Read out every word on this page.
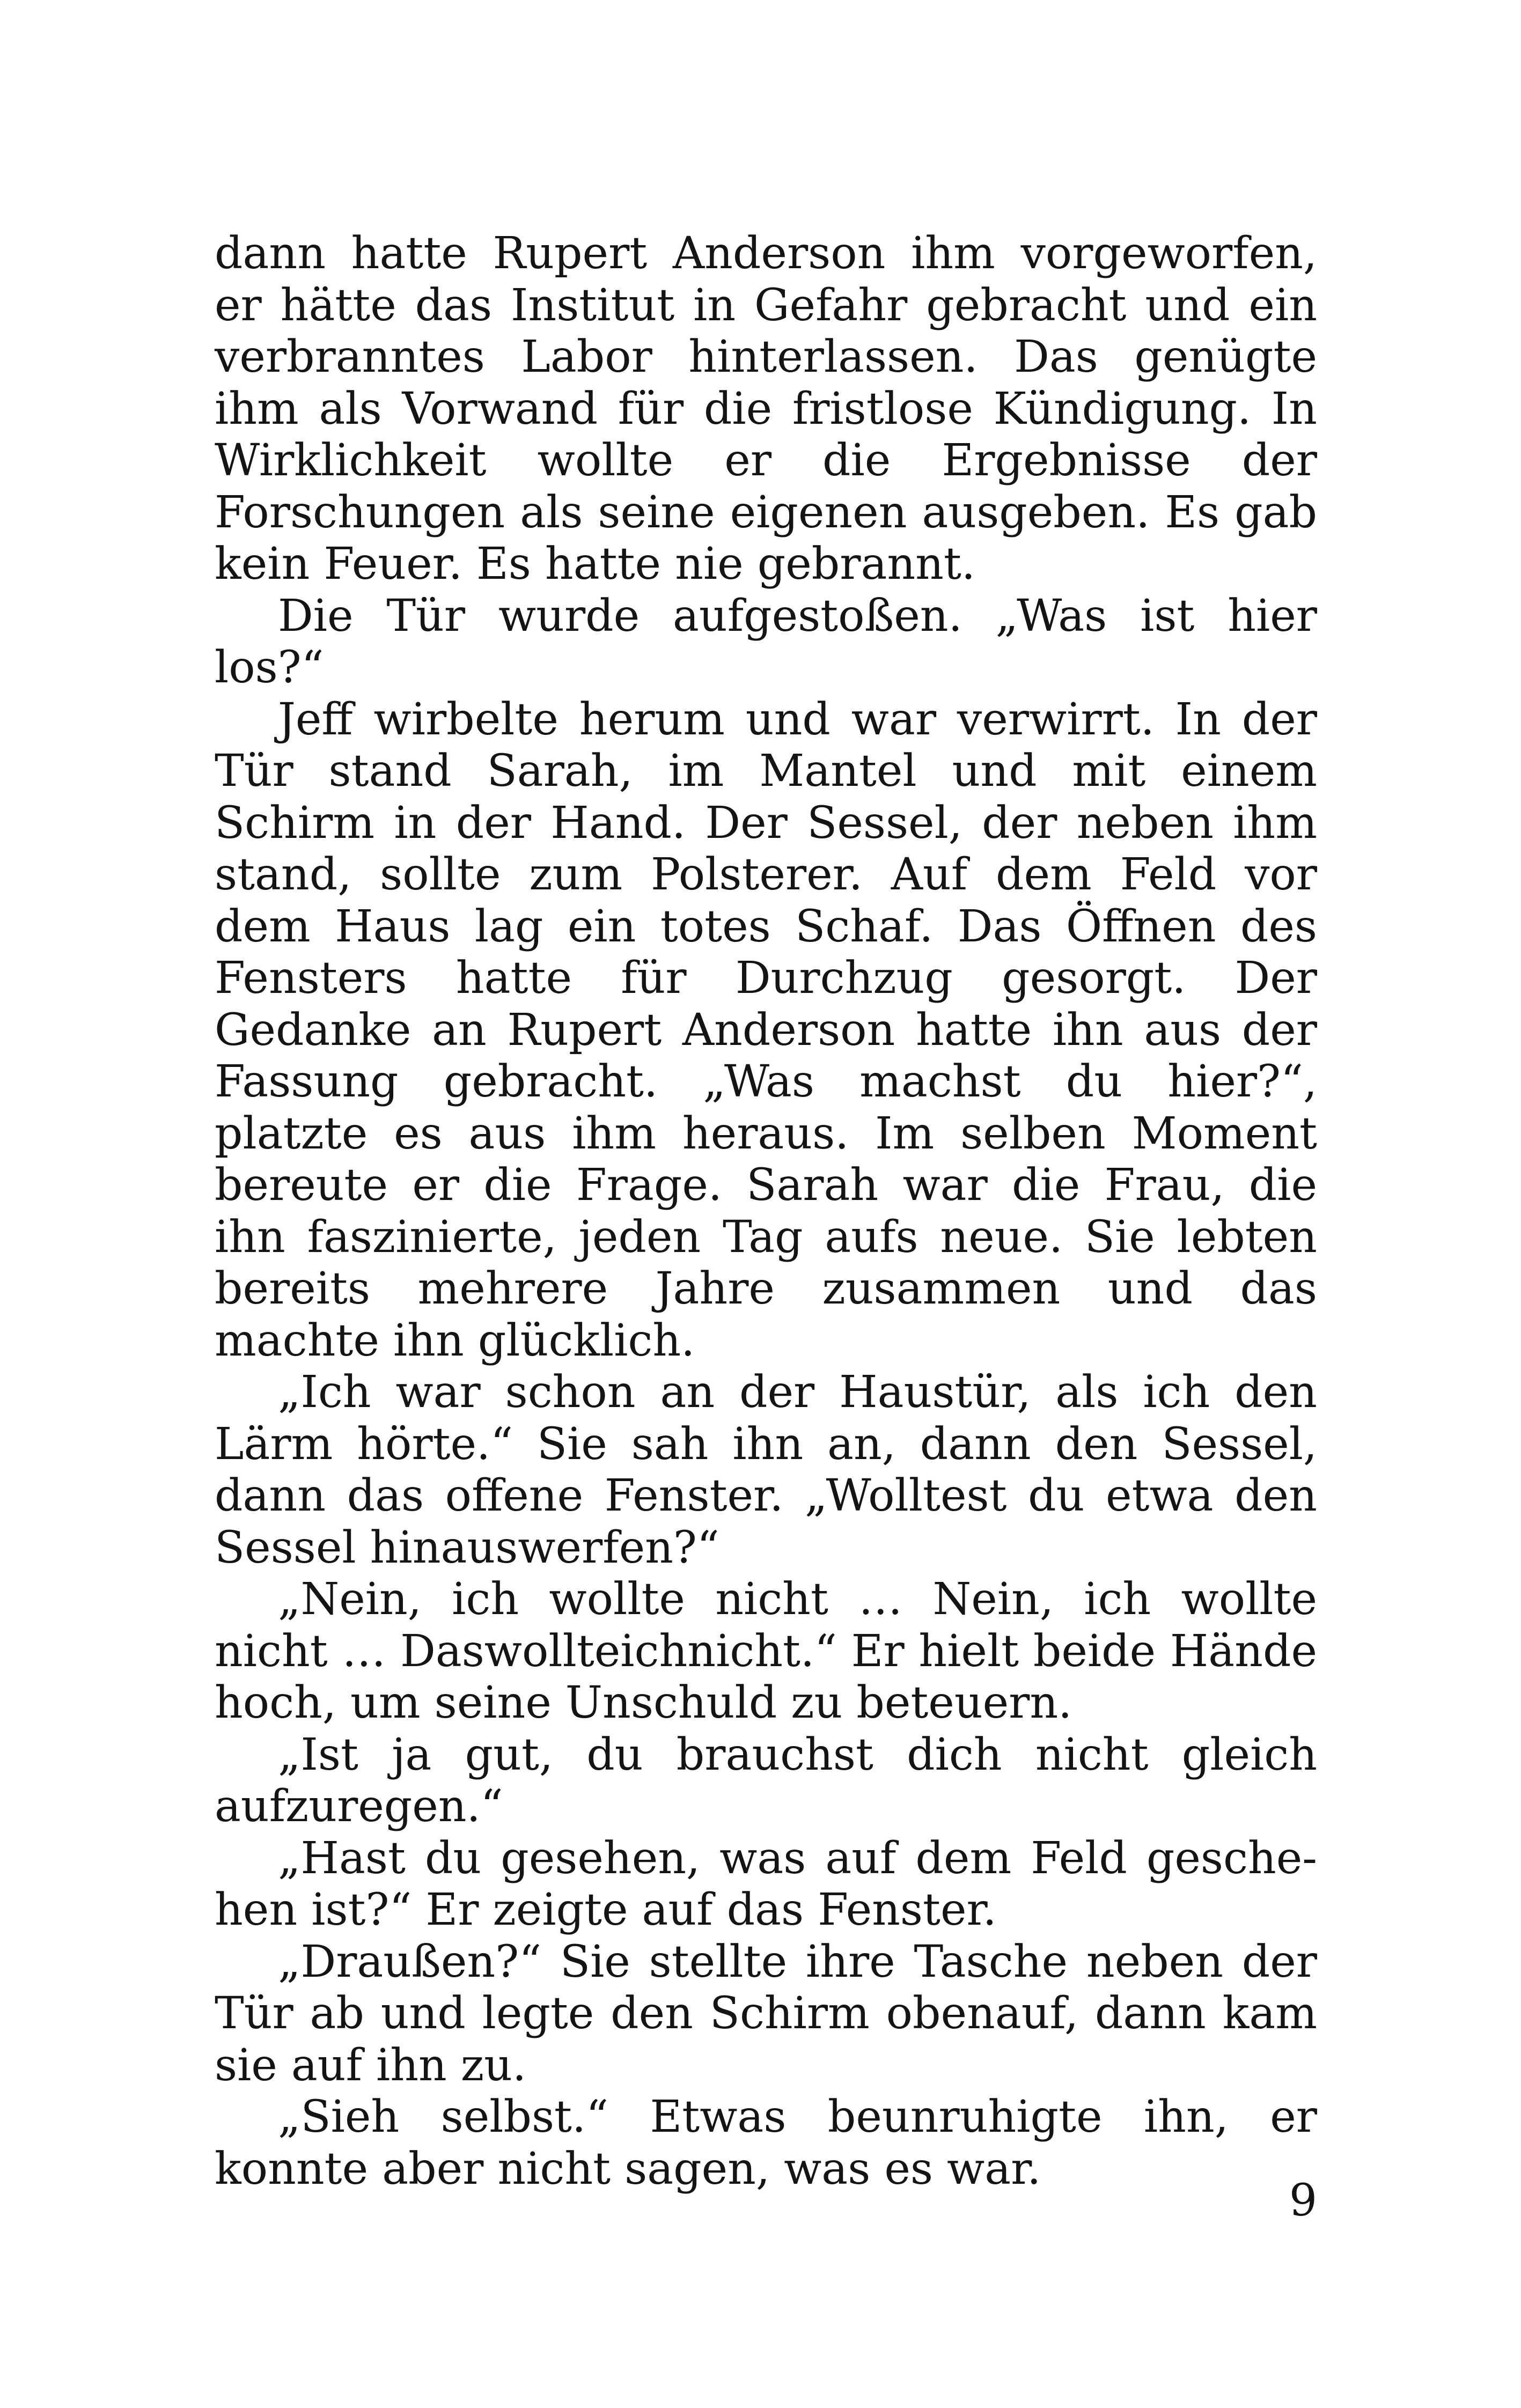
dann hatte Rupert Anderson ihm vorgeworfen, er hätte das Institut in Gefahr gebracht und ein verbranntes Labor hinterlassen. Das genügte ihm als Vorwand für die fristlose Kündigung. In Wirklichkeit wollte er die Ergebnisse der Forschungen als seine eigenen ausgeben. Es gab kein Feuer. Es hatte nie gebrannt.

Die Tür wurde aufgestoßen. „Was ist hier los?“

Jeff wirbelte herum und war verwirrt. In der Tür stand Sarah, im Mantel und mit einem Schirm in der Hand. Der Sessel, der neben ihm stand, sollte zum Polsterer. Auf dem Feld vor dem Haus lag ein totes Schaf. Das Öffnen des Fensters hatte für Durchzug gesorgt. Der Gedanke an Rupert Anderson hatte ihn aus der Fassung gebracht. „Was machst du hier?“, platzte es aus ihm heraus. Im selben Moment bereute er die Frage. Sarah war die Frau, die ihn faszinierte, jeden Tag aufs neue. Sie lebten bereits mehrere Jahre zusammen und das machte ihn glücklich.

„Ich war schon an der Haustür, als ich den Lärm hörte.“ Sie sah ihn an, dann den Sessel, dann das offene Fenster. „Wolltest du etwa den Sessel hinauswerfen?“

„Nein, ich wollte nicht … Nein, ich wollte nicht … Daswollteichnicht.“ Er hielt beide Hände hoch, um seine Unschuld zu beteuern.

„Ist ja gut, du brauchst dich nicht gleich aufzuregen.“

„Hast du gesehen, was auf dem Feld geschehen ist?“ Er zeigte auf das Fenster.

„Draußen?“ Sie stellte ihre Tasche neben der Tür ab und legte den Schirm obenauf, dann kam sie auf ihn zu.

„Sieh selbst.“ Etwas beunruhigte ihn, er konnte aber nicht sagen, was es war.

9
